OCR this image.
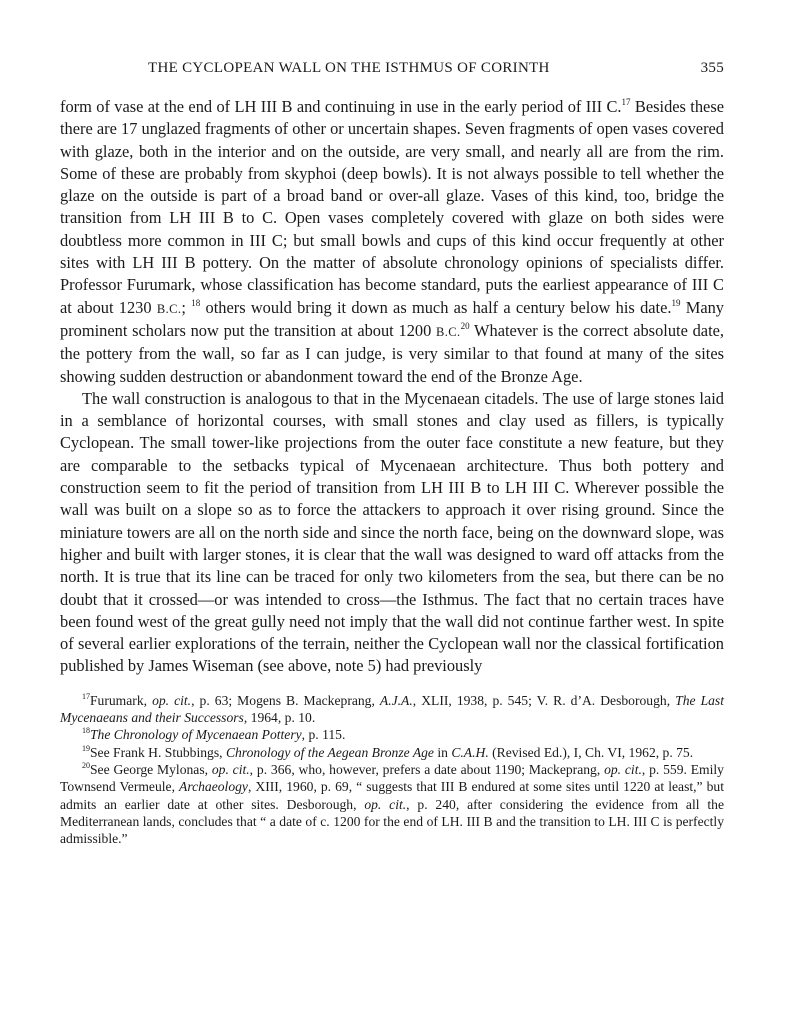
THE CYCLOPEAN WALL ON THE ISTHMUS OF CORINTH	355

form of vase at the end of LH III B and continuing in use in the early period of III C.$^{17}$ Besides these there are 17 unglazed fragments of other or uncertain shapes. Seven fragments of open vases covered with glaze, both in the interior and on the outside, are very small, and nearly all are from the rim. Some of these are probably from skyphoi (deep bowls). It is not always possible to tell whether the glaze on the outside is part of a broad band or over-all glaze. Vases of this kind, too, bridge the transition from LH III B to C. Open vases completely covered with glaze on both sides were doubtless more common in III C; but small bowls and cups of this kind occur frequently at other sites with LH III B pottery. On the matter of absolute chronology opinions of specialists differ. Professor Furumark, whose classification has become standard, puts the earliest appearance of III C at about 1230 B.C.; $^{18}$ others would bring it down as much as half a century below his date.$^{19}$ Many prominent scholars now put the transition at about 1200 B.C.$^{20}$ Whatever is the correct absolute date, the pottery from the wall, so far as I can judge, is very similar to that found at many of the sites showing sudden destruction or abandonment toward the end of the Bronze Age.

The wall construction is analogous to that in the Mycenaean citadels. The use of large stones laid in a semblance of horizontal courses, with small stones and clay used as fillers, is typically Cyclopean. The small tower-like projections from the outer face constitute a new feature, but they are comparable to the setbacks typical of Mycenaean architecture. Thus both pottery and construction seem to fit the period of transition from LH III B to LH III C. Wherever possible the wall was built on a slope so as to force the attackers to approach it over rising ground. Since the miniature towers are all on the north side and since the north face, being on the downward slope, was higher and built with larger stones, it is clear that the wall was designed to ward off attacks from the north. It is true that its line can be traced for only two kilometers from the sea, but there can be no doubt that it crossed—or was intended to cross—the Isthmus. The fact that no certain traces have been found west of the great gully need not imply that the wall did not continue farther west. In spite of several earlier explorations of the terrain, neither the Cyclopean wall nor the classical fortification published by James Wiseman (see above, note 5) had previously

$^{17}$Furumark, op. cit., p. 63; Mogens B. Mackeprang, A.J.A., XLII, 1938, p. 545; V. R. d’A. Desborough, The Last Mycenaeans and their Successors, 1964, p. 10.

$^{18}$The Chronology of Mycenaean Pottery, p. 115.

$^{19}$See Frank H. Stubbings, Chronology of the Aegean Bronze Age in C.A.H. (Revised Ed.), I, Ch. VI, 1962, p. 75.

$^{20}$See George Mylonas, op. cit., p. 366, who, however, prefers a date about 1190; Mackeprang, op. cit., p. 559. Emily Townsend Vermeule, Archaeology, XIII, 1960, p. 69, “ suggests that III B endured at some sites until 1220 at least,” but admits an earlier date at other sites. Desborough, op. cit., p. 240, after considering the evidence from all the Mediterranean lands, concludes that “ a date of c. 1200 for the end of LH. III B and the transition to LH. III C is perfectly admissible.”
